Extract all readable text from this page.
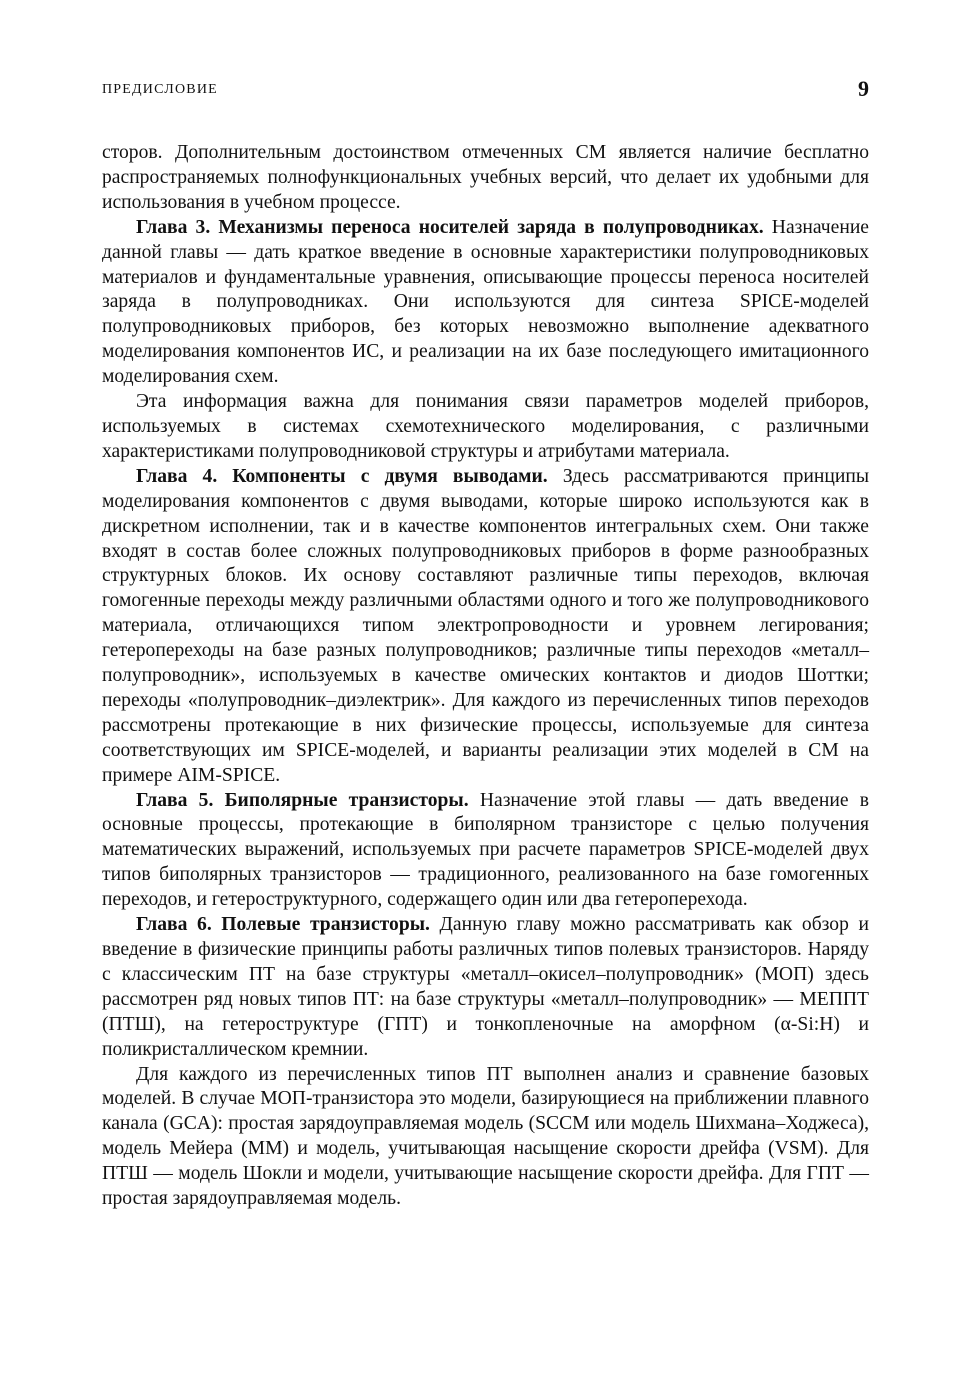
ПРЕДИСЛОВИЕ	9

сторов. Дополнительным достоинством отмеченных СМ является наличие бесплатно распространяемых полнофункциональных учебных версий, что делает их удобными для использования в учебном процессе.

Глава 3. Механизмы переноса носителей заряда в полупроводниках. Назначение данной главы — дать краткое введение в основные характеристики полупроводниковых материалов и фундаментальные уравнения, описывающие процессы переноса носителей заряда в полупроводниках. Они используются для синтеза SPICE-моделей полупроводниковых приборов, без которых невозможно выполнение адекватного моделирования компонентов ИС, и реализации на их базе последующего имитационного моделирования схем.

Эта информация важна для понимания связи параметров моделей приборов, используемых в системах схемотехнического моделирования, с различными характеристиками полупроводниковой структуры и атрибутами материала.

Глава 4. Компоненты с двумя выводами. Здесь рассматриваются принципы моделирования компонентов с двумя выводами, которые широко используются как в дискретном исполнении, так и в качестве компонентов интегральных схем. Они также входят в состав более сложных полупроводниковых приборов в форме разнообразных структурных блоков. Их основу составляют различные типы переходов, включая гомогенные переходы между различными областями одного и того же полупроводникового материала, отличающихся типом электропроводности и уровнем легирования; гетеропереходы на базе разных полупроводников; различные типы переходов «металл–полупроводник», используемых в качестве омических контактов и диодов Шоттки; переходы «полупроводник–диэлектрик». Для каждого из перечисленных типов переходов рассмотрены протекающие в них физические процессы, используемые для синтеза соответствующих им SPICE-моделей, и варианты реализации этих моделей в СМ на примере AIM-SPICE.

Глава 5. Биполярные транзисторы. Назначение этой главы — дать введение в основные процессы, протекающие в биполярном транзисторе с целью получения математических выражений, используемых при расчете параметров SPICE-моделей двух типов биполярных транзисторов — традиционного, реализованного на базе гомогенных переходов, и гетероструктурного, содержащего один или два гетероперехода.

Глава 6. Полевые транзисторы. Данную главу можно рассматривать как обзор и введение в физические принципы работы различных типов полевых транзисторов. Наряду с классическим ПТ на базе структуры «металл–окисел–полупроводник» (МОП) здесь рассмотрен ряд новых типов ПТ: на базе структуры «металл–полупроводник» — МЕППТ (ПТШ), на гетероструктуре (ГПТ) и тонкопленочные на аморфном (α-Si:H) и поликристаллическом кремнии.

Для каждого из перечисленных типов ПТ выполнен анализ и сравнение базовых моделей. В случае МОП-транзистора это модели, базирующиеся на приближении плавного канала (GCA): простая зарядоуправляемая модель (SCCM или модель Шихмана–Ходжеса), модель Мейера (ММ) и модель, учитывающая насыщение скорости дрейфа (VSM). Для ПТШ — модель Шокли и модели, учитывающие насыщение скорости дрейфа. Для ГПТ — простая зарядоуправляемая модель.
